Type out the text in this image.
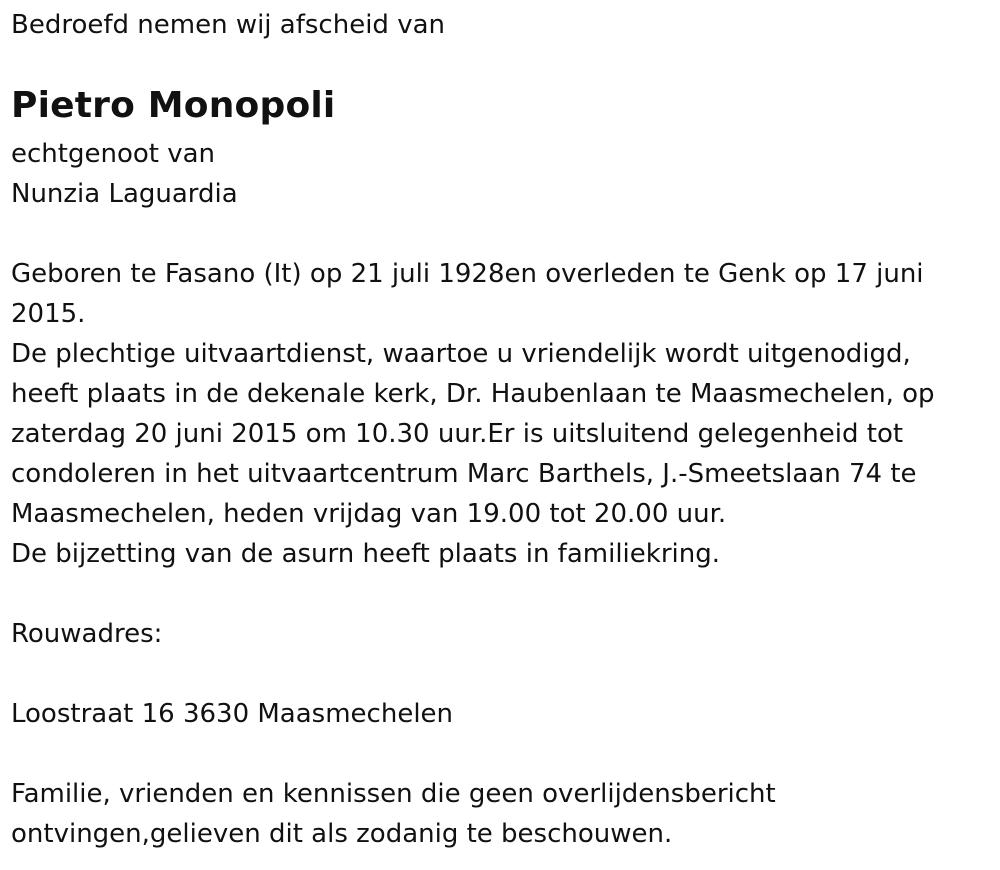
Bedroefd nemen wij afscheid van

Pietro Monopoli

echtgenoot van

Nunzia Laguardia

Geboren te Fasano (It) op 21 juli 1928en overleden te Genk op 17 juni

2015.

De plechtige uitvaartdienst, waartoe u vriendelijk wordt uitgenodigd,

heeft plaats in de dekenale kerk, Dr. Haubenlaan te Maasmechelen, op

zaterdag 20 juni 2015 om 10.30 uur.Er is uitsluitend gelegenheid tot

condoleren in het uitvaartcentrum Marc Barthels, J.-Smeetslaan 74 te

Maasmechelen, heden vrijdag van 19.00 tot 20.00 uur.

De bijzetting van de asurn heeft plaats in familiekring.

Rouwadres:

Loostraat 16 3630 Maasmechelen

Familie, vrienden en kennissen die geen overlijdensbericht

ontvingen,gelieven dit als zodanig te beschouwen.
